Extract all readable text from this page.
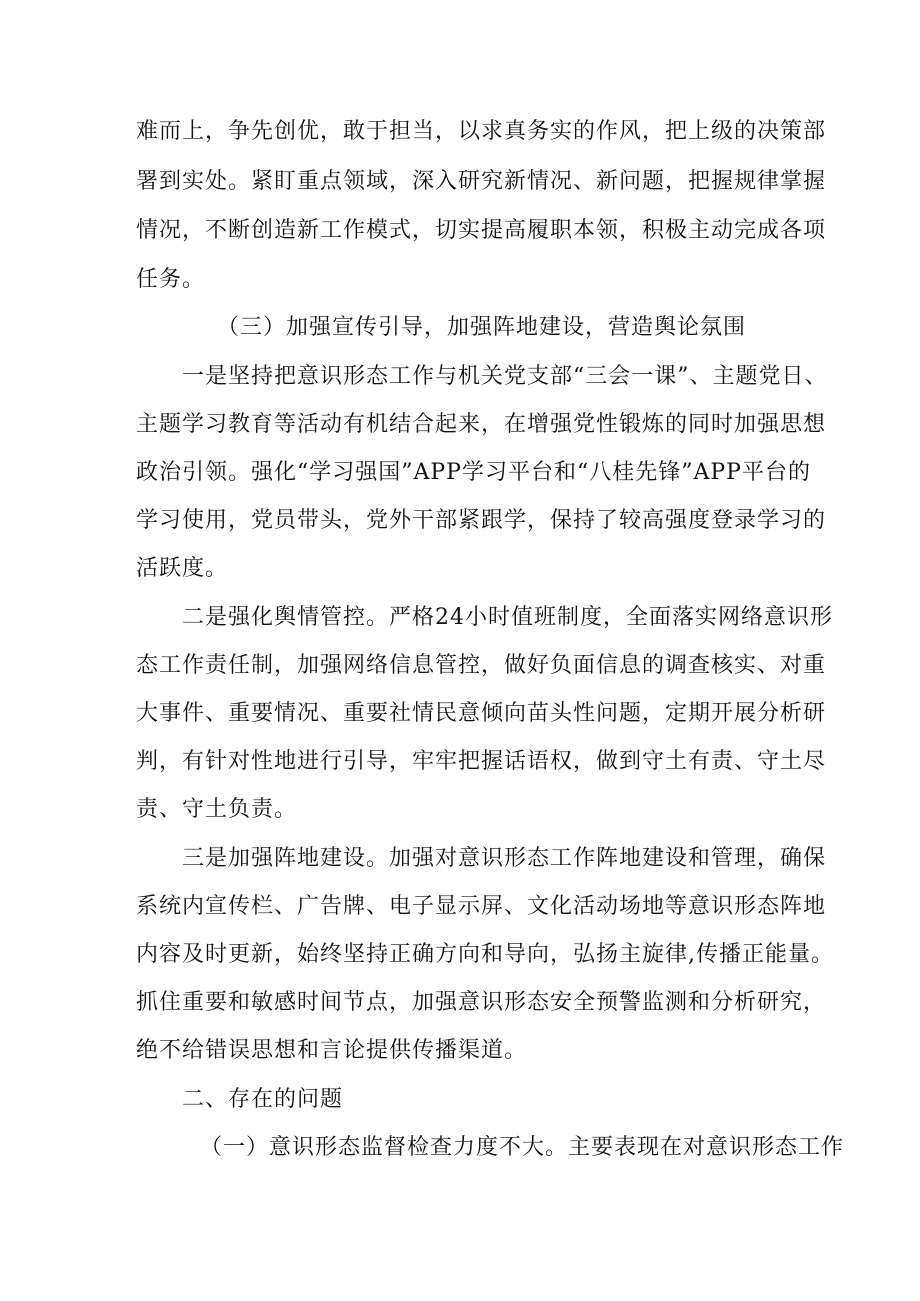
难而上，争先创优，敢于担当，以求真务实的作风，把上级的决策部
署到实处。紧盯重点领域，深入研究新情况、新问题，把握规律掌握
情况，不断创造新工作模式，切实提高履职本领，积极主动完成各项
任务。
（三）加强宣传引导，加强阵地建设，营造舆论氛围
一是坚持把意识形态工作与机关党支部“三会一课”、主题党日、
主题学习教育等活动有机结合起来，在增强党性锻炼的同时加强思想
政治引领。强化“学习强国”APP学习平台和“八桂先锋”APP平台的
学习使用，党员带头，党外干部紧跟学，保持了较高强度登录学习的
活跃度。
二是强化舆情管控。严格24小时值班制度，全面落实网络意识形
态工作责任制，加强网络信息管控，做好负面信息的调查核实、对重
大事件、重要情况、重要社情民意倾向苗头性问题，定期开展分析研
判，有针对性地进行引导，牢牢把握话语权，做到守土有责、守土尽
责、守土负责。
三是加强阵地建设。加强对意识形态工作阵地建设和管理，确保
系统内宣传栏、广告牌、电子显示屏、文化活动场地等意识形态阵地
内容及时更新，始终坚持正确方向和导向，弘扬主旋律,传播正能量。
抓住重要和敏感时间节点，加强意识形态安全预警监测和分析研究，
绝不给错误思想和言论提供传播渠道。
二、存在的问题
（一）意识形态监督检查力度不大。主要表现在对意识形态工作
